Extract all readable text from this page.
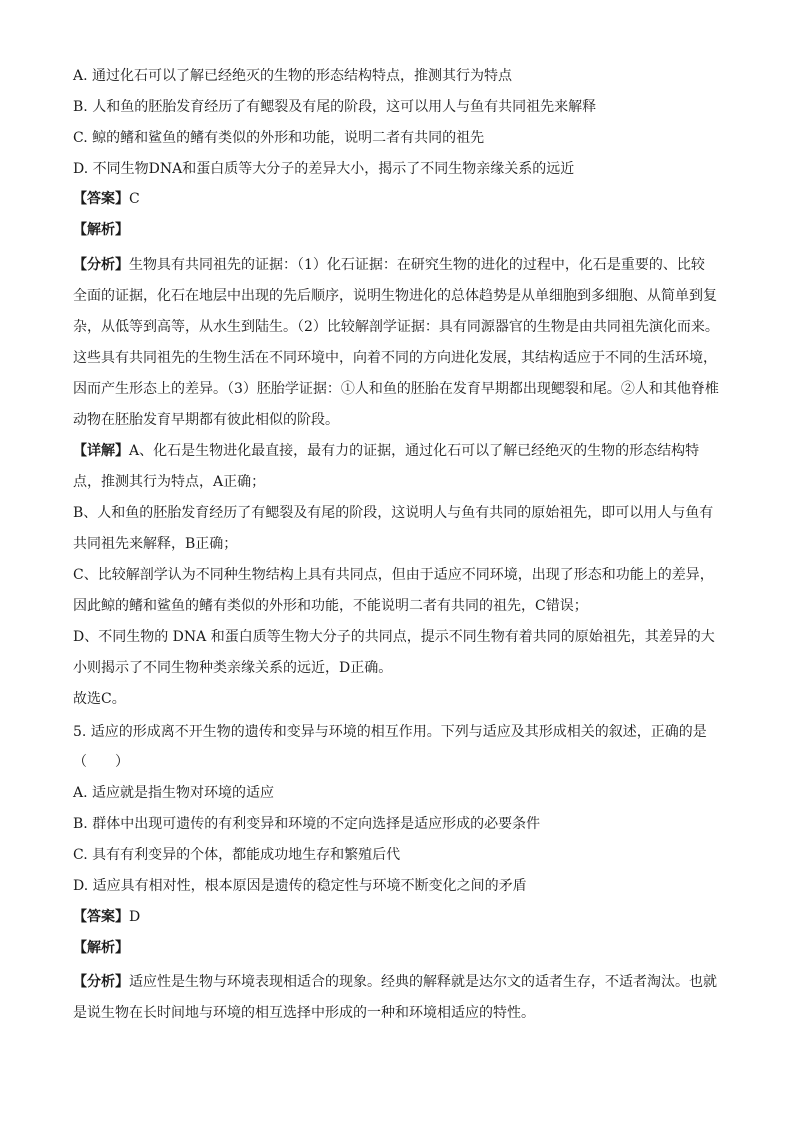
A. 通过化石可以了解已经绝灭的生物的形态结构特点，推测其行为特点
B. 人和鱼的胚胎发育经历了有鳃裂及有尾的阶段，这可以用人与鱼有共同祖先来解释
C. 鲸的鳍和鲨鱼的鳍有类似的外形和功能，说明二者有共同的祖先
D. 不同生物DNA和蛋白质等大分子的差异大小，揭示了不同生物亲缘关系的远近
【答案】C
【解析】
【分析】生物具有共同祖先的证据：（1）化石证据：在研究生物的进化的过程中，化石是重要的、比较
全面的证据，化石在地层中出现的先后顺序，说明生物进化的总体趋势是从单细胞到多细胞、从简单到复
杂，从低等到高等，从水生到陆生。（2）比较解剖学证据：具有同源器官的生物是由共同祖先演化而来。
这些具有共同祖先的生物生活在不同环境中，向着不同的方向进化发展，其结构适应于不同的生活环境，
因而产生形态上的差异。（3）胚胎学证据：①人和鱼的胚胎在发育早期都出现鳃裂和尾。②人和其他脊椎
动物在胚胎发育早期都有彼此相似的阶段。
【详解】A、化石是生物进化最直接，最有力的证据，通过化石可以了解已经绝灭的生物的形态结构特
点，推测其行为特点，A正确；
B、人和鱼的胚胎发育经历了有鳃裂及有尾的阶段，这说明人与鱼有共同的原始祖先，即可以用人与鱼有
共同祖先来解释，B正确；
C、比较解剖学认为不同种生物结构上具有共同点，但由于适应不同环境，出现了形态和功能上的差异，
因此鲸的鳍和鲨鱼的鳍有类似的外形和功能，不能说明二者有共同的祖先，C错误；
D、不同生物的 DNA 和蛋白质等生物大分子的共同点，提示不同生物有着共同的原始祖先，其差异的大
小则揭示了不同生物种类亲缘关系的远近，D正确。
故选C。
5. 适应的形成离不开生物的遗传和变异与环境的相互作用。下列与适应及其形成相关的叙述，正确的是
（　　）
A. 适应就是指生物对环境的适应
B. 群体中出现可遗传的有利变异和环境的不定向选择是适应形成的必要条件
C. 具有有利变异的个体，都能成功地生存和繁殖后代
D. 适应具有相对性，根本原因是遗传的稳定性与环境不断变化之间的矛盾
【答案】D
【解析】
【分析】适应性是生物与环境表现相适合的现象。经典的解释就是达尔文的适者生存，不适者淘汰。也就
是说生物在长时间地与环境的相互选择中形成的一种和环境相适应的特性。
